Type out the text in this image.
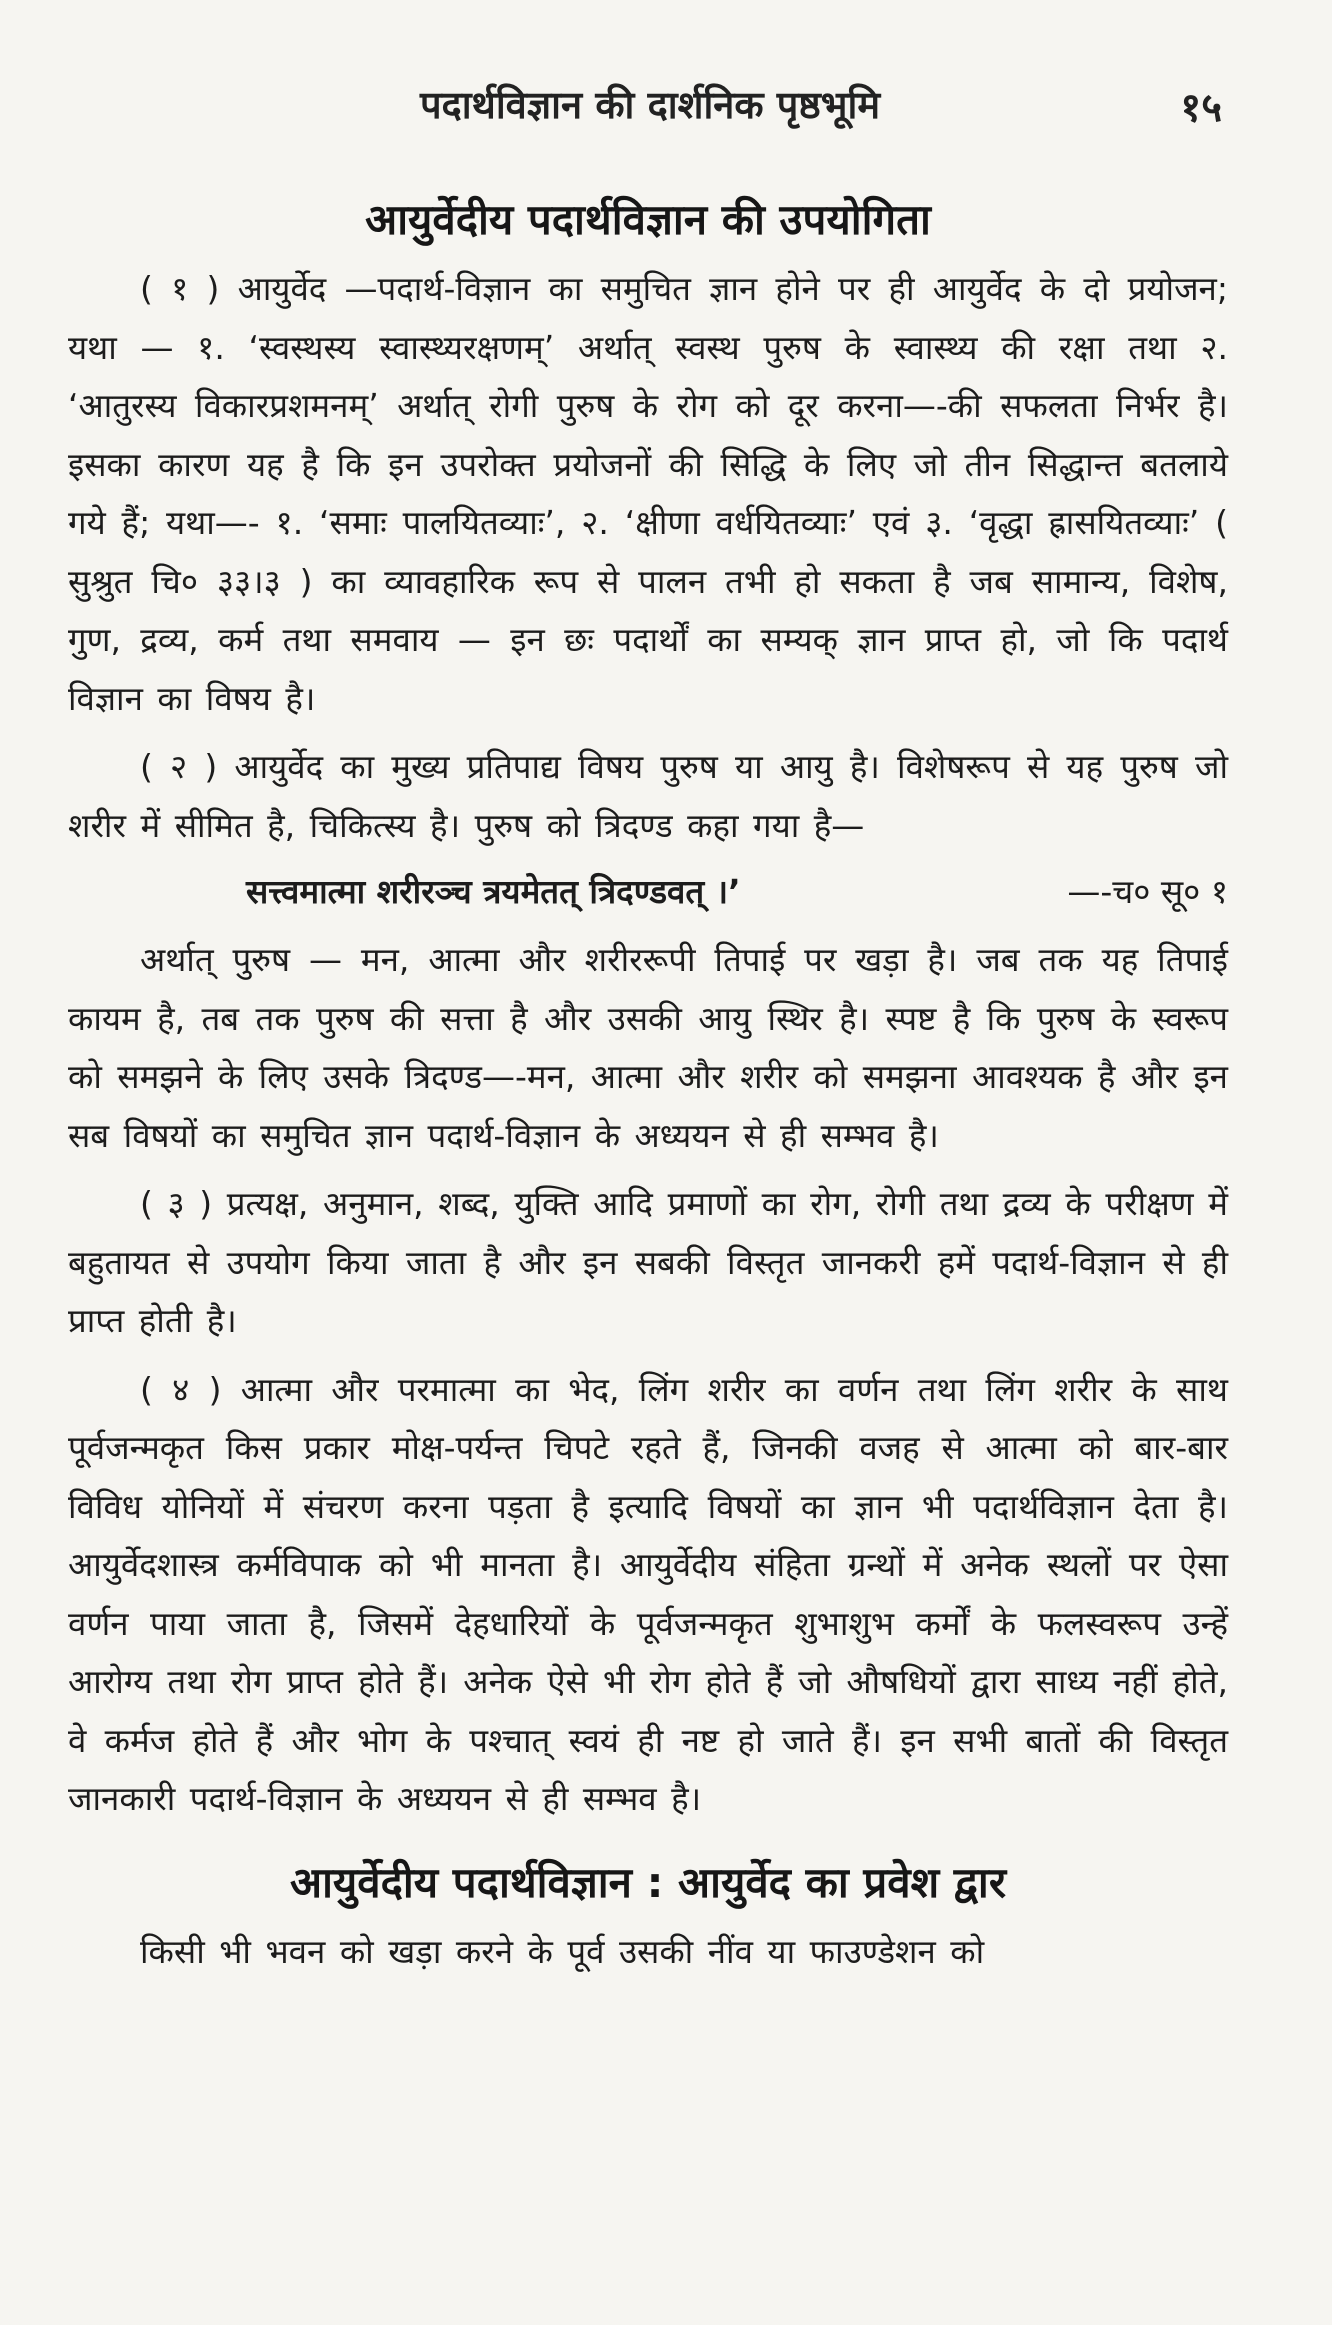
पदार्थविज्ञान की दार्शनिक पृष्ठभूमि	१५
आयुर्वेदीय पदार्थविज्ञान की उपयोगिता

( १ ) आयुर्वेद —पदार्थ-विज्ञान का समुचित ज्ञान होने पर ही आयुर्वेद के दो प्रयोजन; यथा — १. ‘स्वस्थस्य स्वास्थ्यरक्षणम्’ अर्थात् स्वस्थ पुरुष के स्वास्थ्य की रक्षा तथा २. ‘आतुरस्य विकारप्रशमनम्’ अर्थात् रोगी पुरुष के रोग को दूर करना—-की सफलता निर्भर है। इसका कारण यह है कि इन उपरोक्त प्रयोजनों की सिद्धि के लिए जो तीन सिद्धान्त बतलाये गये हैं; यथा—- १. ‘समाः पालयितव्याः’, २. ‘क्षीणा वर्धयितव्याः’ एवं ३. ‘वृद्धा ह्रासयितव्याः’ ( सुश्रुत चि० ३३।३ ) का व्यावहारिक रूप से पालन तभी हो सकता है जब सामान्य, विशेष, गुण, द्रव्य, कर्म तथा समवाय — इन छः पदार्थों का सम्यक् ज्ञान प्राप्त हो, जो कि पदार्थ विज्ञान का विषय है।

( २ ) आयुर्वेद का मुख्य प्रतिपाद्य विषय पुरुष या आयु है। विशेषरूप से यह पुरुष जो शरीर में सीमित है, चिकित्स्य है। पुरुष को त्रिदण्ड कहा गया है—

सत्त्वमात्मा शरीरञ्च त्रयमेतत् त्रिदण्डवत् ।’	—-च० सू० १

अर्थात् पुरुष — मन, आत्मा और शरीररूपी तिपाई पर खड़ा है। जब तक यह तिपाई कायम है, तब तक पुरुष की सत्ता है और उसकी आयु स्थिर है। स्पष्ट है कि पुरुष के स्वरूप को समझने के लिए उसके त्रिदण्ड—-मन, आत्मा और शरीर को समझना आवश्यक है और इन सब विषयों का समुचित ज्ञान पदार्थ-विज्ञान के अध्ययन से ही सम्भव है।

( ३ ) प्रत्यक्ष, अनुमान, शब्द, युक्ति आदि प्रमाणों का रोग, रोगी तथा द्रव्य के परीक्षण में बहुतायत से उपयोग किया जाता है और इन सबकी विस्तृत जानकरी हमें पदार्थ-विज्ञान से ही प्राप्त होती है।

( ४ ) आत्मा और परमात्मा का भेद, लिंग शरीर का वर्णन तथा लिंग शरीर के साथ पूर्वजन्मकृत किस प्रकार मोक्ष-पर्यन्त चिपटे रहते हैं, जिनकी वजह से आत्मा को बार-बार विविध योनियों में संचरण करना पड़ता है इत्यादि विषयों का ज्ञान भी पदार्थविज्ञान देता है। आयुर्वेदशास्त्र कर्मविपाक को भी मानता है। आयुर्वेदीय संहिता ग्रन्थों में अनेक स्थलों पर ऐसा वर्णन पाया जाता है, जिसमें देहधारियों के पूर्वजन्मकृत शुभाशुभ कर्मों के फलस्वरूप उन्हें आरोग्य तथा रोग प्राप्त होते हैं। अनेक ऐसे भी रोग होते हैं जो औषधियों द्वारा साध्य नहीं होते, वे कर्मज होते हैं और भोग के पश्चात् स्वयं ही नष्ट हो जाते हैं। इन सभी बातों की विस्तृत जानकारी पदार्थ-विज्ञान के अध्ययन से ही सम्भव है।

आयुर्वेदीय पदार्थविज्ञान : आयुर्वेद का प्रवेश द्वार

किसी भी भवन को खड़ा करने के पूर्व उसकी नींव या फाउण्डेशन को
